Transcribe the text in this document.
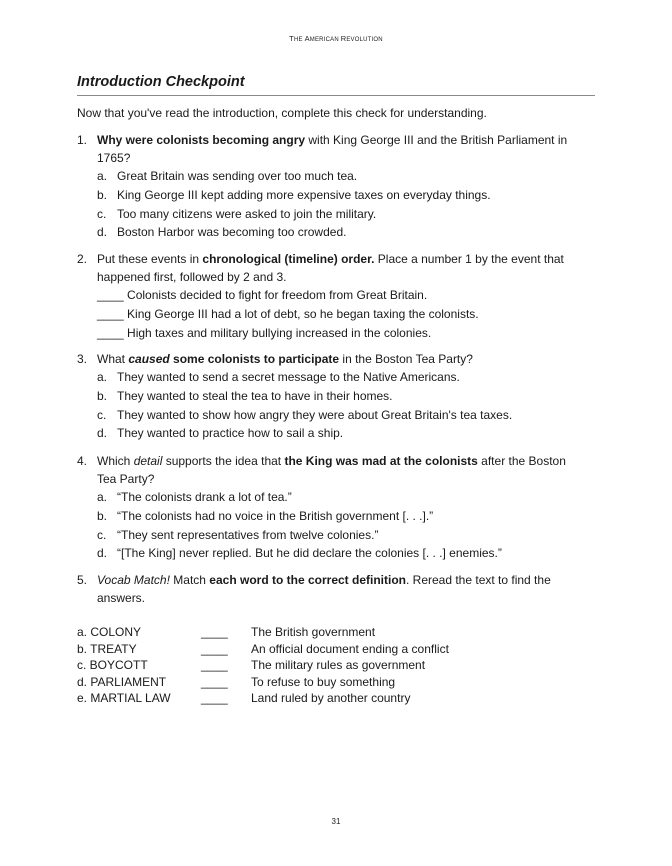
THE AMERICAN REVOLUTION
Introduction Checkpoint
Now that you've read the introduction, complete this check for understanding.
1. Why were colonists becoming angry with King George III and the British Parliament in 1765?
a. Great Britain was sending over too much tea.
b. King George III kept adding more expensive taxes on everyday things.
c. Too many citizens were asked to join the military.
d. Boston Harbor was becoming too crowded.
2. Put these events in chronological (timeline) order. Place a number 1 by the event that happened first, followed by 2 and 3.
____ Colonists decided to fight for freedom from Great Britain.
____ King George III had a lot of debt, so he began taxing the colonists.
____ High taxes and military bullying increased in the colonies.
3. What caused some colonists to participate in the Boston Tea Party?
a. They wanted to send a secret message to the Native Americans.
b. They wanted to steal the tea to have in their homes.
c. They wanted to show how angry they were about Great Britain's tea taxes.
d. They wanted to practice how to sail a ship.
4. Which detail supports the idea that the King was mad at the colonists after the Boston Tea Party?
a. “The colonists drank a lot of tea.”
b. “The colonists had no voice in the British government [. . .].”
c. “They sent representatives from twelve colonies.”
d. “[The King] never replied. But he did declare the colonies [. . .] enemies.”
5. Vocab Match! Match each word to the correct definition. Reread the text to find the answers.
a. COLONY	____ The British government
b. TREATY	____ An official document ending a conflict
c. BOYCOTT	____ The military rules as government
d. PARLIAMENT	____ To refuse to buy something
e. MARTIAL LAW	____ Land ruled by another country
31
